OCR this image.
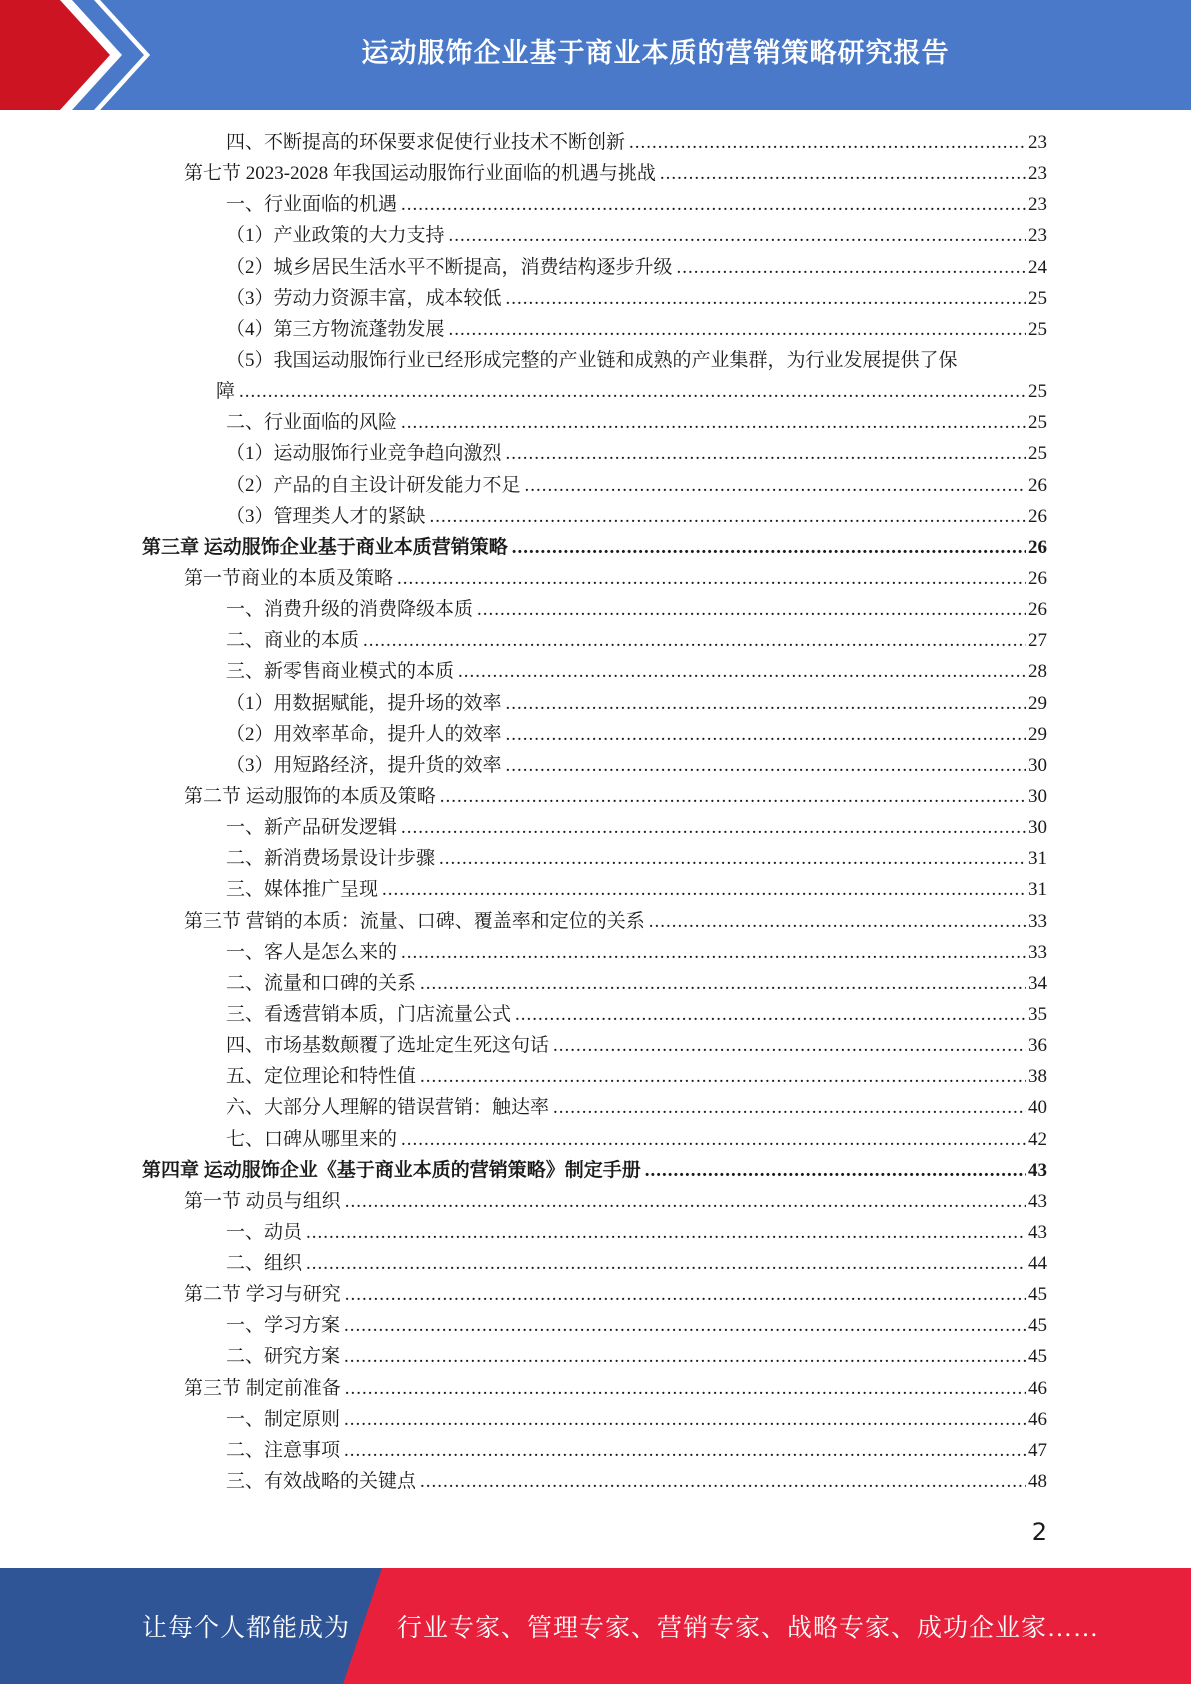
运动服饰企业基于商业本质的营销策略研究报告
四、不断提高的环保要求促使行业技术不断创新 .....	23
第七节 2023-2028 年我国运动服饰行业面临的机遇与挑战 .....	23
一、行业面临的机遇 .....	23
（1）产业政策的大力支持 .....	23
（2）城乡居民生活水平不断提高，消费结构逐步升级 .....	24
（3）劳动力资源丰富，成本较低 .....	25
（4）第三方物流蓬勃发展 .....	25
（5）我国运动服饰行业已经形成完整的产业链和成熟的产业集群，为行业发展提供了保
障 .....	25
二、行业面临的风险 .....	25
（1）运动服饰行业竞争趋向激烈 .....	25
（2）产品的自主设计研发能力不足 .....	26
（3）管理类人才的紧缺 .....	26
第三章 运动服饰企业基于商业本质营销策略 .....	26
第一节商业的本质及策略 .....	26
一、消费升级的消费降级本质 .....	26
二、商业的本质 .....	27
三、新零售商业模式的本质 .....	28
（1）用数据赋能，提升场的效率 .....	29
（2）用效率革命，提升人的效率 .....	29
（3）用短路经济，提升货的效率 .....	30
第二节 运动服饰的本质及策略 .....	30
一、新产品研发逻辑 .....	30
二、新消费场景设计步骤 .....	31
三、媒体推广呈现 .....	31
第三节 营销的本质：流量、口碑、覆盖率和定位的关系 .....	33
一、客人是怎么来的 .....	33
二、流量和口碑的关系 .....	34
三、看透营销本质，门店流量公式 .....	35
四、市场基数颠覆了选址定生死这句话 .....	36
五、定位理论和特性值 .....	38
六、大部分人理解的错误营销：触达率 .....	40
七、口碑从哪里来的 .....	42
第四章 运动服饰企业《基于商业本质的营销策略》制定手册 .....	43
第一节 动员与组织 .....	43
一、动员 .....	43
二、组织 .....	44
第二节 学习与研究 .....	45
一、学习方案 .....	45
二、研究方案 .....	45
第三节 制定前准备 .....	46
一、制定原则 .....	46
二、注意事项 .....	47
三、有效战略的关键点 .....	48
2
让每个人都能成为 行业专家、管理专家、营销专家、战略专家、成功企业家……
